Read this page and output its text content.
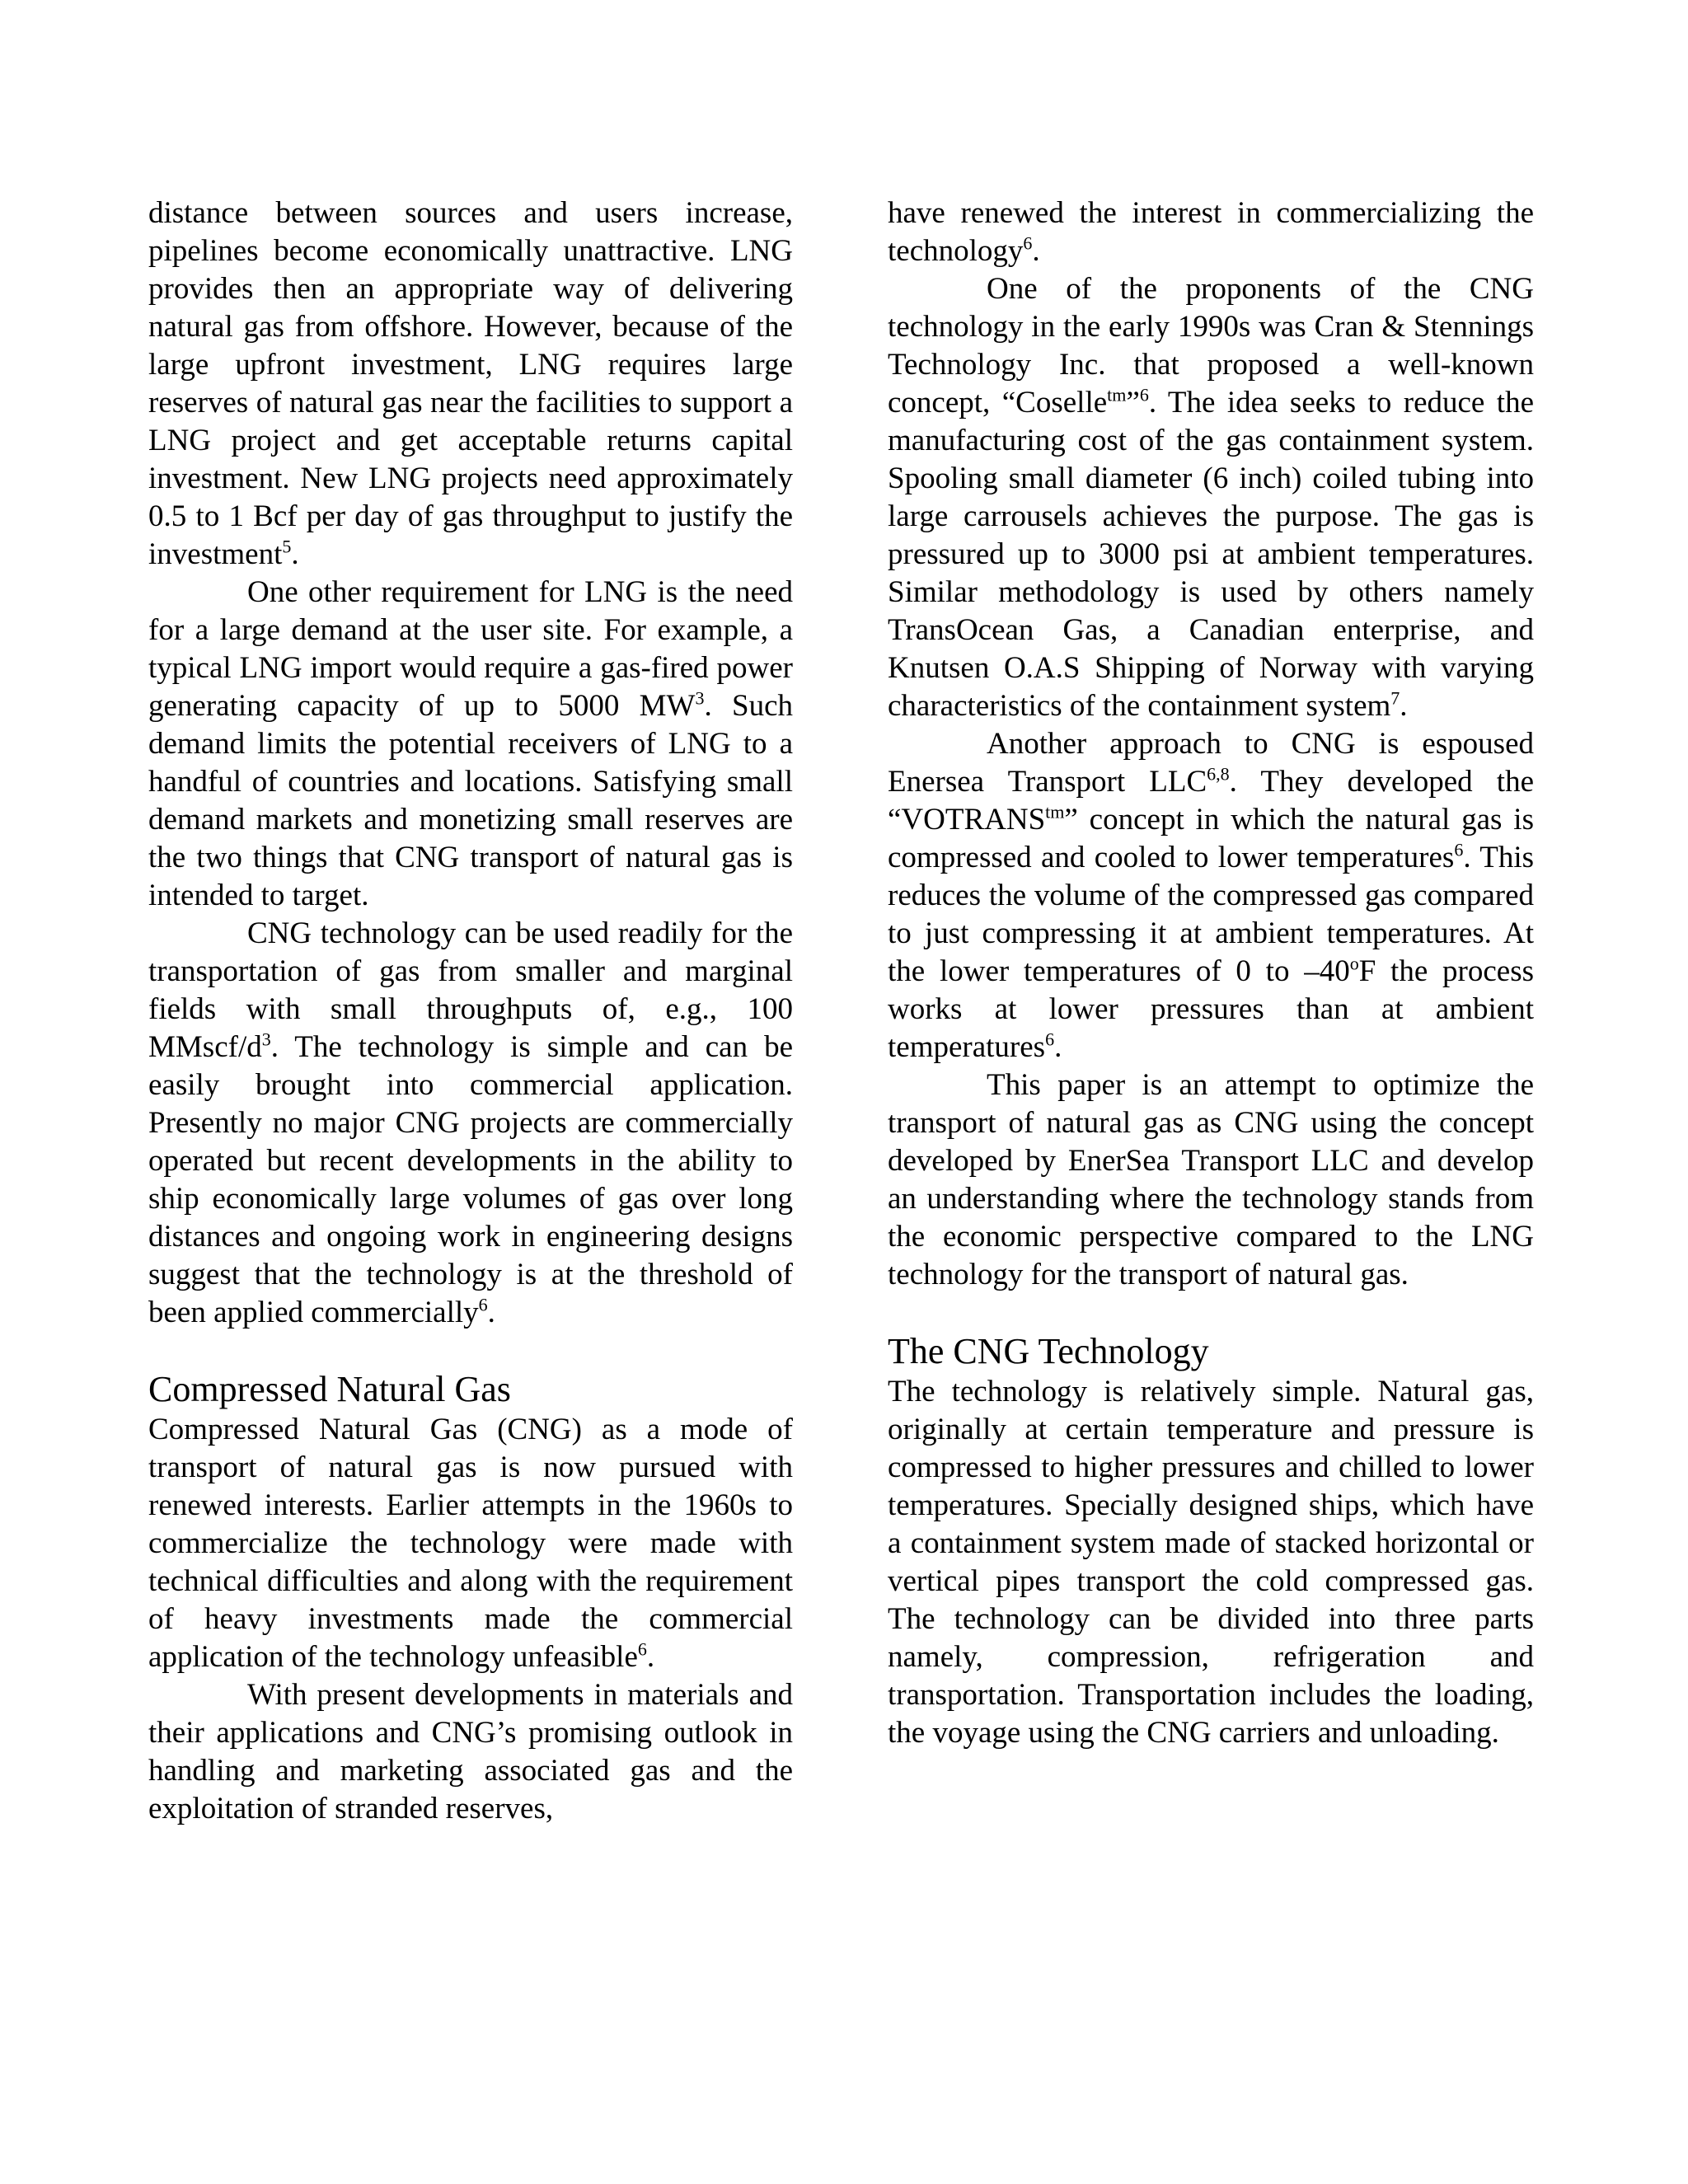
distance between sources and users increase, pipelines become economically unattractive. LNG provides then an appropriate way of delivering natural gas from offshore. However, because of the large upfront investment, LNG requires large reserves of natural gas near the facilities to support a LNG project and get acceptable returns capital investment. New LNG projects need approximately 0.5 to 1 Bcf per day of gas throughput to justify the investment$^5$.

One other requirement for LNG is the need for a large demand at the user site. For example, a typical LNG import would require a gas-fired power generating capacity of up to 5000 $MW^3$. Such demand limits the potential receivers of LNG to a handful of countries and locations. Satisfying small demand markets and monetizing small reserves are the two things that CNG transport of natural gas is intended to target.

CNG technology can be used readily for the transportation of gas from smaller and marginal fields with small throughputs of, e.g., 100 MMscf/$d^3$. The technology is simple and can be easily brought into commercial application. Presently no major CNG projects are commercially operated but recent developments in the ability to ship economically large volumes of gas over long distances and ongoing work in engineering designs suggest that the technology is at the threshold of been applied commercially$^6$.

Compressed Natural Gas

Compressed Natural Gas (CNG) as a mode of transport of natural gas is now pursued with renewed interests. Earlier attempts in the 1960s to commercialize the technology were made with technical difficulties and along with the requirement of heavy investments made the commercial application of the technology unfeasible$^6$.

With present developments in materials and their applications and CNG’s promising outlook in handling and marketing associated gas and the exploitation of stranded reserves,

have renewed the interest in commercializing the technology$^6$.

One of the proponents of the CNG technology in the early 1990s was Cran & Stennings Technology Inc. that proposed a well-known concept, “Coselle$^{tm}$”$^6$. The idea seeks to reduce the manufacturing cost of the gas containment system. Spooling small diameter (6 inch) coiled tubing into large carrousels achieves the purpose. The gas is pressured up to 3000 psi at ambient temperatures. Similar methodology is used by others namely TransOcean Gas, a Canadian enterprise, and Knutsen O.A.S Shipping of Norway with varying characteristics of the containment system$^7$.

Another approach to CNG is espoused Enersea Transport LLC$^{6,8}$. They developed the “$VOTRANS^{tm}$” concept in which the natural gas is compressed and cooled to lower temperatures$^6$. This reduces the volume of the compressed gas compared to just compressing it at ambient temperatures. At the lower temperatures of 0 to –40$^o$F the process works at lower pressures than at ambient temperatures$^6$.

This paper is an attempt to optimize the transport of natural gas as CNG using the concept developed by EnerSea Transport LLC and develop an understanding where the technology stands from the economic perspective compared to the LNG technology for the transport of natural gas.

The CNG Technology

The technology is relatively simple. Natural gas, originally at certain temperature and pressure is compressed to higher pressures and chilled to lower temperatures. Specially designed ships, which have a containment system made of stacked horizontal or vertical pipes transport the cold compressed gas. The technology can be divided into three parts namely, compression, refrigeration and transportation. Transportation includes the loading, the voyage using the CNG carriers and unloading.
